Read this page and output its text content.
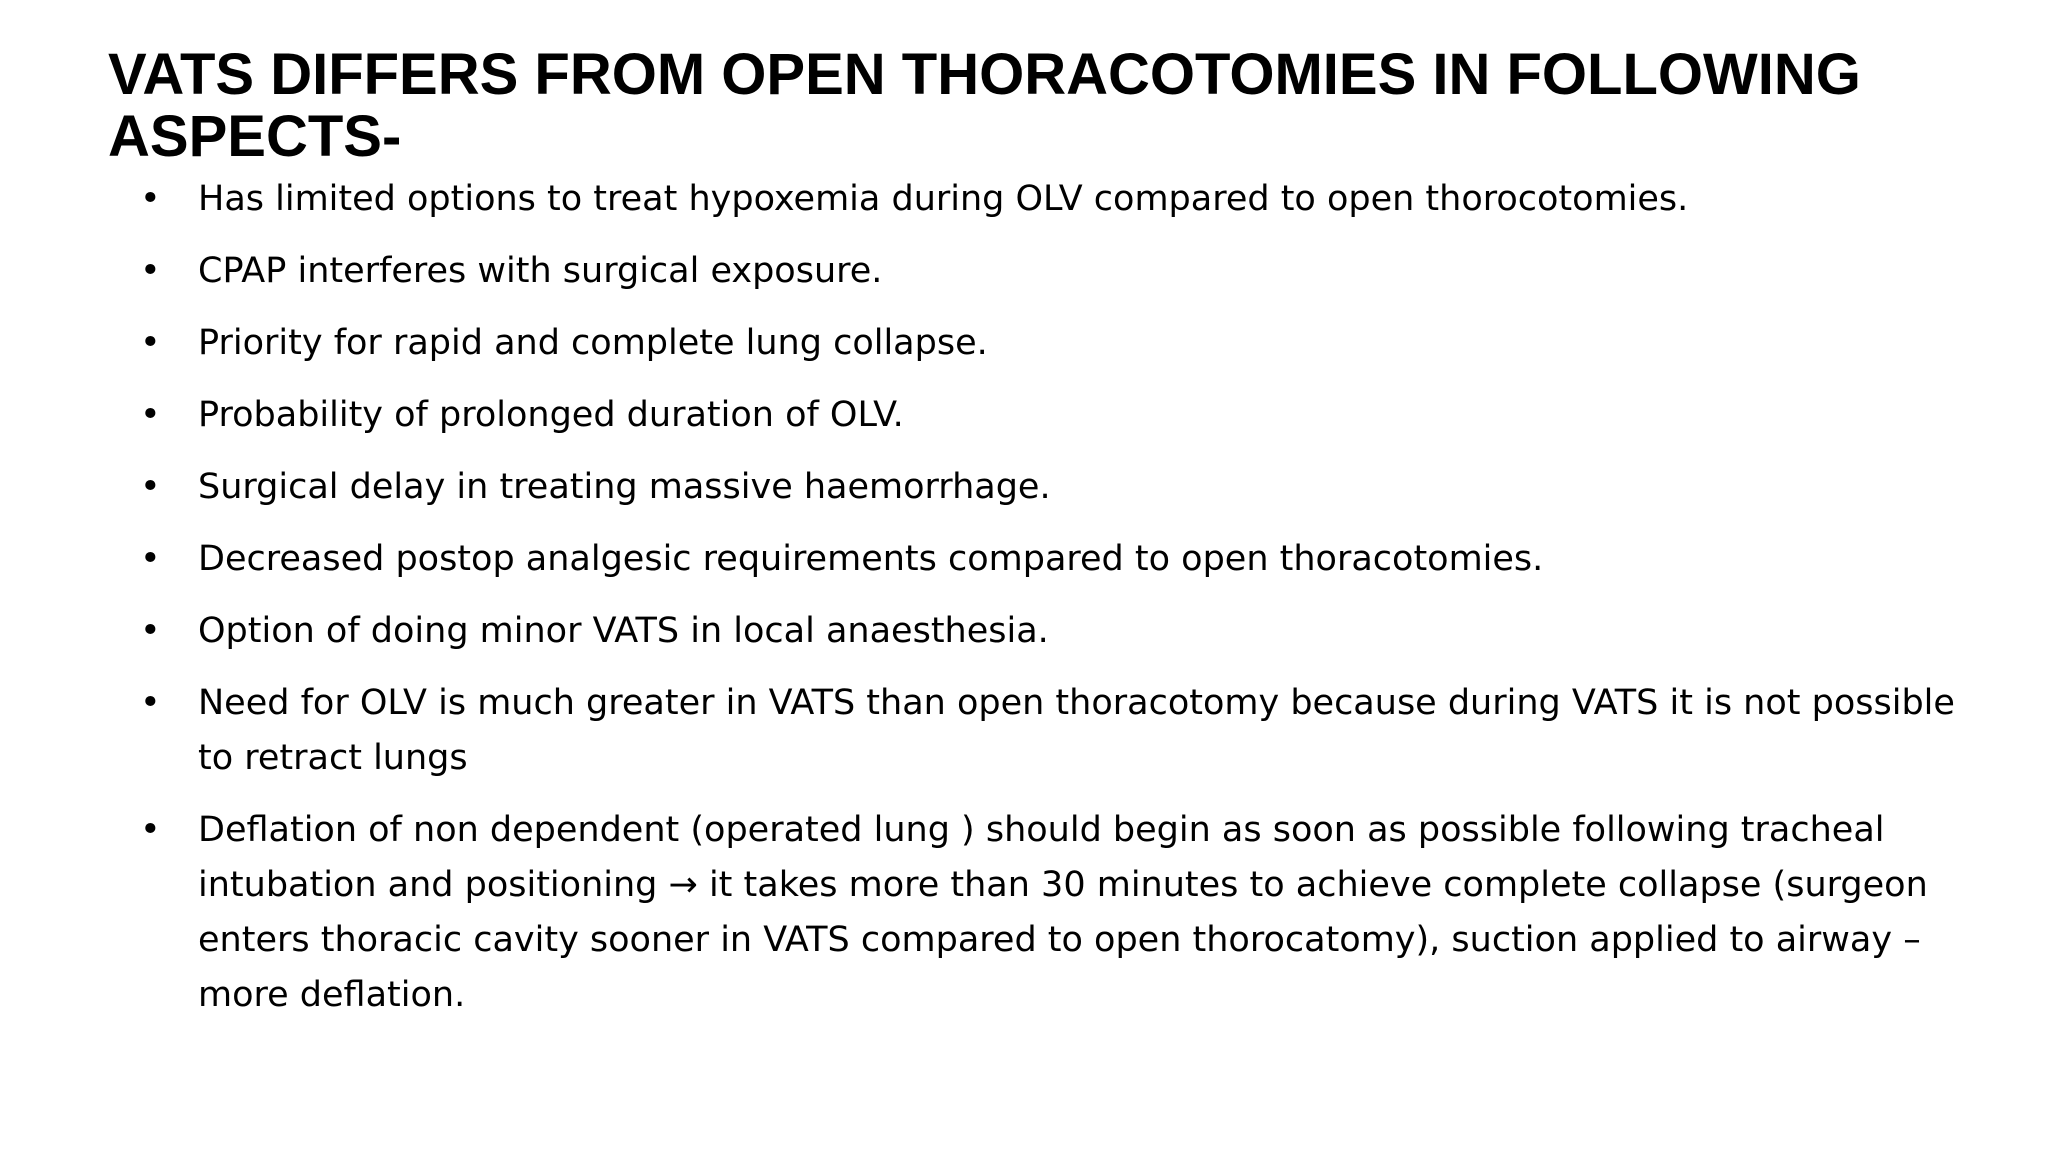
VATS DIFFERS FROM OPEN THORACOTOMIES IN FOLLOWING ASPECTS-
•	Has limited options to treat hypoxemia during OLV compared to open thorocotomies.
•	CPAP interferes with surgical exposure.
•	Priority for rapid and complete lung collapse.
•	Probability of prolonged duration of OLV.
•	Surgical delay in treating massive haemorrhage.
•	Decreased postop analgesic requirements compared to open thoracotomies.
•	Option of doing minor VATS in local anaesthesia.
•	Need for OLV is much greater in VATS than open thoracotomy because during VATS it is not possible to retract lungs
•	Deflation of non dependent (operated lung ) should begin as soon as possible following tracheal intubation and positioning → it takes more than 30 minutes to achieve complete collapse (surgeon enters thoracic cavity sooner in VATS compared to open thorocatomy), suction applied to airway – more deflation.
